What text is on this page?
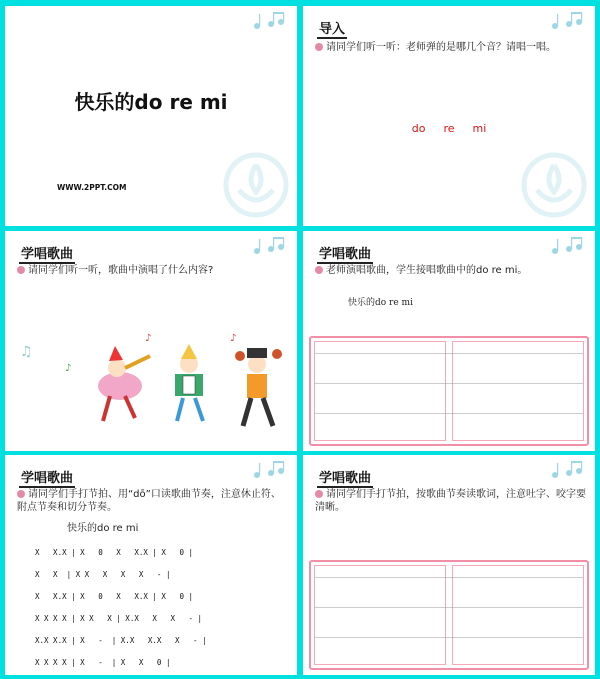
快乐的do re mi
WWW.2PPT.COM
导入
请同学们听一听：老师弹的是哪几个音？请唱一唱。
do re mi
学唱歌曲
请同学们听一听，歌曲中演唱了什么内容?
♫
♪
♪	♪
学唱歌曲
老师演唱歌曲，学生接唱歌曲中的do re mi。
快乐的do re mi
学唱歌曲
请同学们手打节拍、用“dō”口读歌曲节奏，注意休止符、附点节奏和切分节奏。
快乐的do re mi
X   X.X | X   0   X   X.X | X   0 |
X   X  | X X   X   X   X   - |
X   X.X | X   0   X   X.X | X   0 |
X X X X | X X   X | X.X   X   X   - |
X.X X.X | X   -  | X.X   X.X   X   - |
X X X X | X   -  | X   X   0 |
学唱歌曲
请同学们手打节拍，按歌曲节奏读歌词，注意吐字、咬字要清晰。
